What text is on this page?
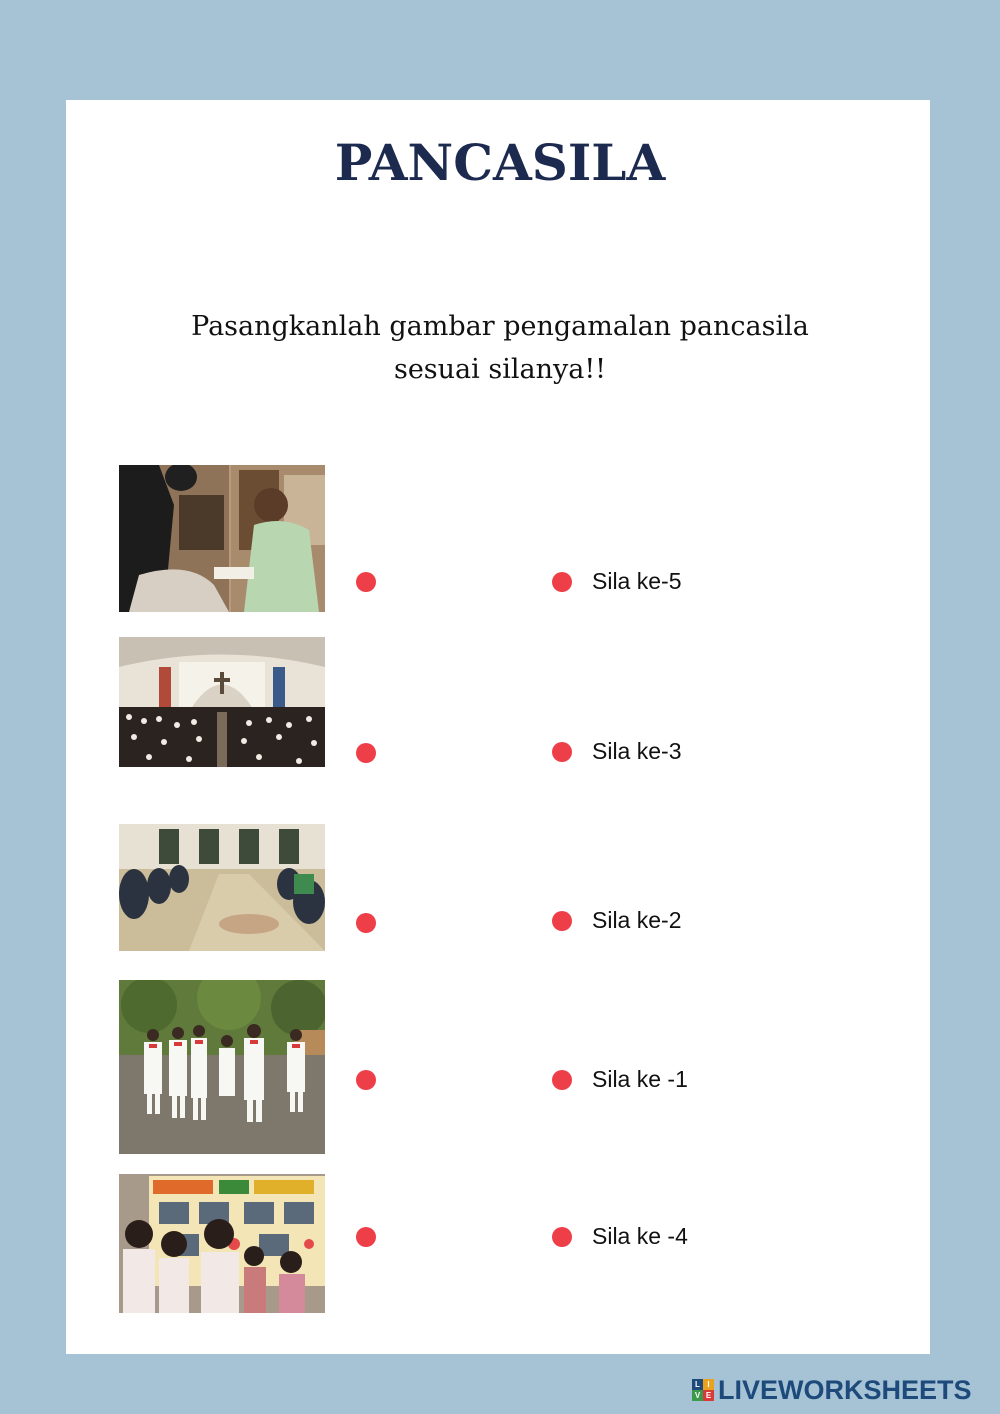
PANCASILA
Pasangkanlah gambar pengamalan pancasila
sesuai silanya!!
Sila ke-5
Sila ke-3
Sila ke-2
Sila ke -1
Sila ke -4
L I
V E LIVEWORKSHEETS
